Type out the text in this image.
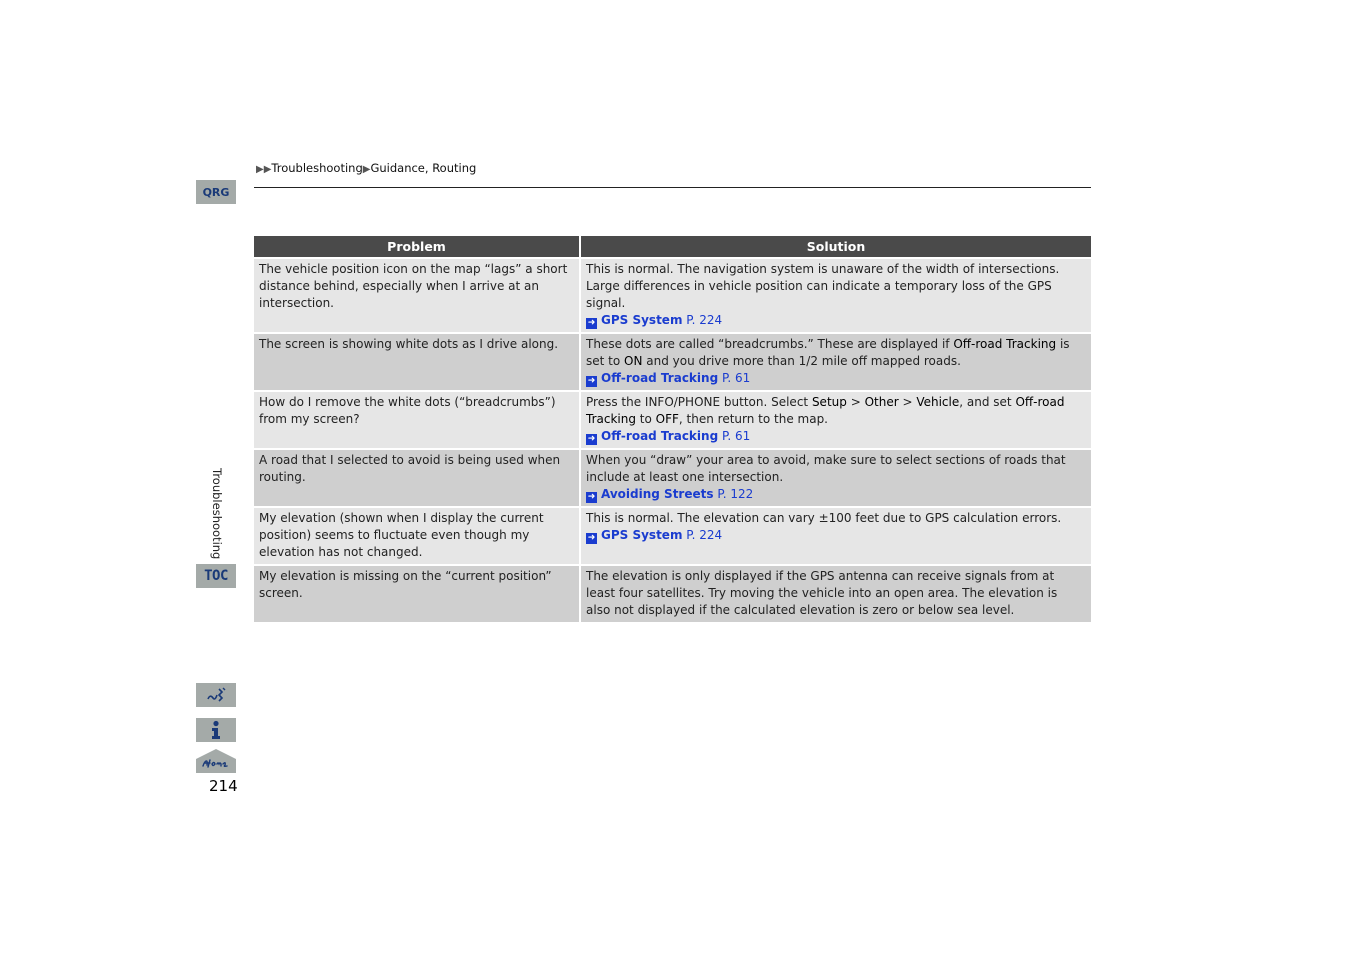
▶▶Troubleshooting▶Guidance, Routing
QRG
Troubleshooting
TOC
214
Problem	Solution
The vehicle position icon on the map “lags” a short distance behind, especially when I arrive at an intersection.	This is normal. The navigation system is unaware of the width of intersections. Large differences in vehicle position can indicate a temporary loss of the GPS signal.
➜ GPS System P. 224
The screen is showing white dots as I drive along.	These dots are called “breadcrumbs.” These are displayed if Off-road Tracking is set to ON and you drive more than 1/2 mile off mapped roads.
➜ Off-road Tracking P. 61
How do I remove the white dots (“breadcrumbs”) from my screen?	Press the INFO/PHONE button. Select Setup > Other > Vehicle, and set Off-road Tracking to OFF, then return to the map.
➜ Off-road Tracking P. 61
A road that I selected to avoid is being used when routing.	When you “draw” your area to avoid, make sure to select sections of roads that include at least one intersection.
➜ Avoiding Streets P. 122
My elevation (shown when I display the current position) seems to fluctuate even though my elevation has not changed.	This is normal. The elevation can vary ±100 feet due to GPS calculation errors.
➜ GPS System P. 224
My elevation is missing on the “current position” screen.	The elevation is only displayed if the GPS antenna can receive signals from at least four satellites. Try moving the vehicle into an open area. The elevation is also not displayed if the calculated elevation is zero or below sea level.
